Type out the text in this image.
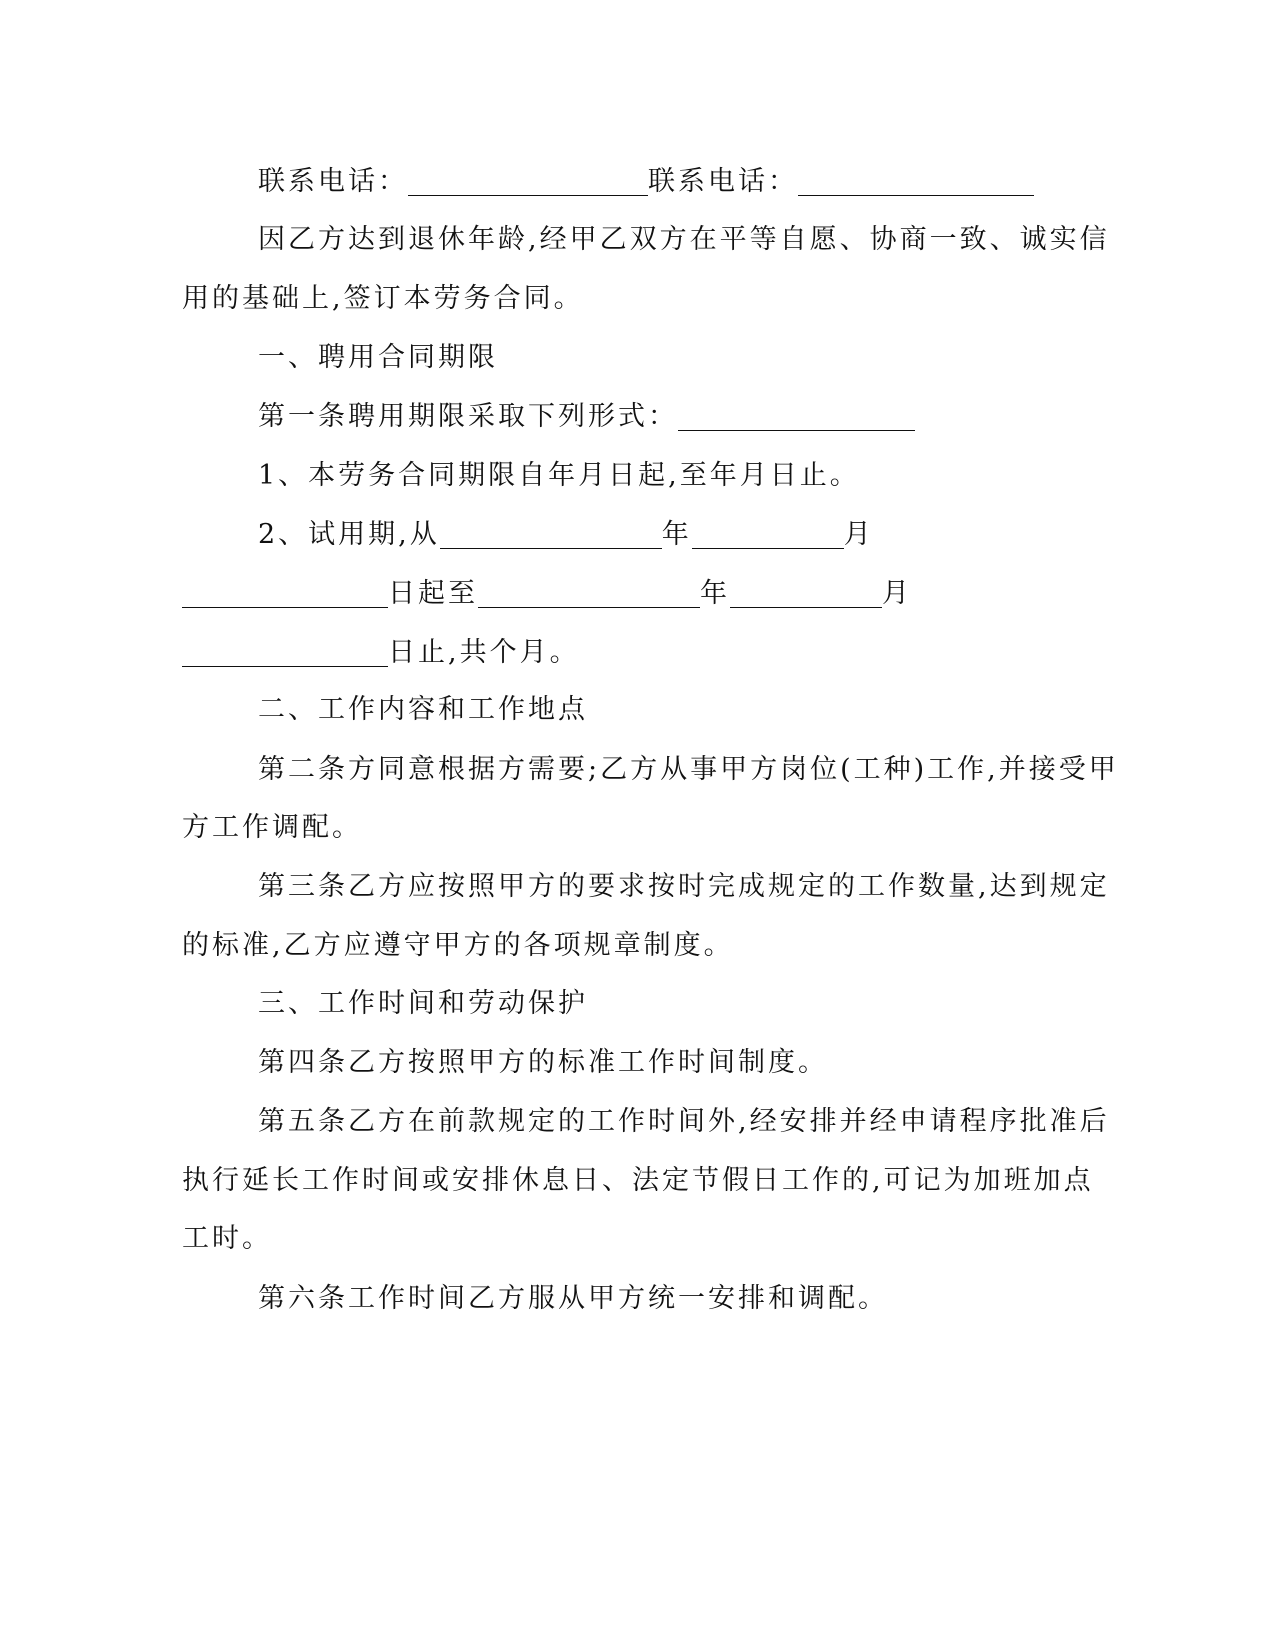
联系电话：	联系电话：
因乙方达到退休年龄,经甲乙双方在平等自愿、协商一致、诚实信
用的基础上,签订本劳务合同。
一、聘用合同期限
第一条聘用期限采取下列形式：
1、本劳务合同期限自年月日起,至年月日止。
2、试用期,从	年	月
日起至	年	月
日止,共个月。
二、工作内容和工作地点
第二条方同意根据方需要;乙方从事甲方岗位(工种)工作,并接受甲
方工作调配。
第三条乙方应按照甲方的要求按时完成规定的工作数量,达到规定
的标准,乙方应遵守甲方的各项规章制度。
三、工作时间和劳动保护
第四条乙方按照甲方的标准工作时间制度。
第五条乙方在前款规定的工作时间外,经安排并经申请程序批准后
执行延长工作时间或安排休息日、法定节假日工作的,可记为加班加点
工时。
第六条工作时间乙方服从甲方统一安排和调配。
